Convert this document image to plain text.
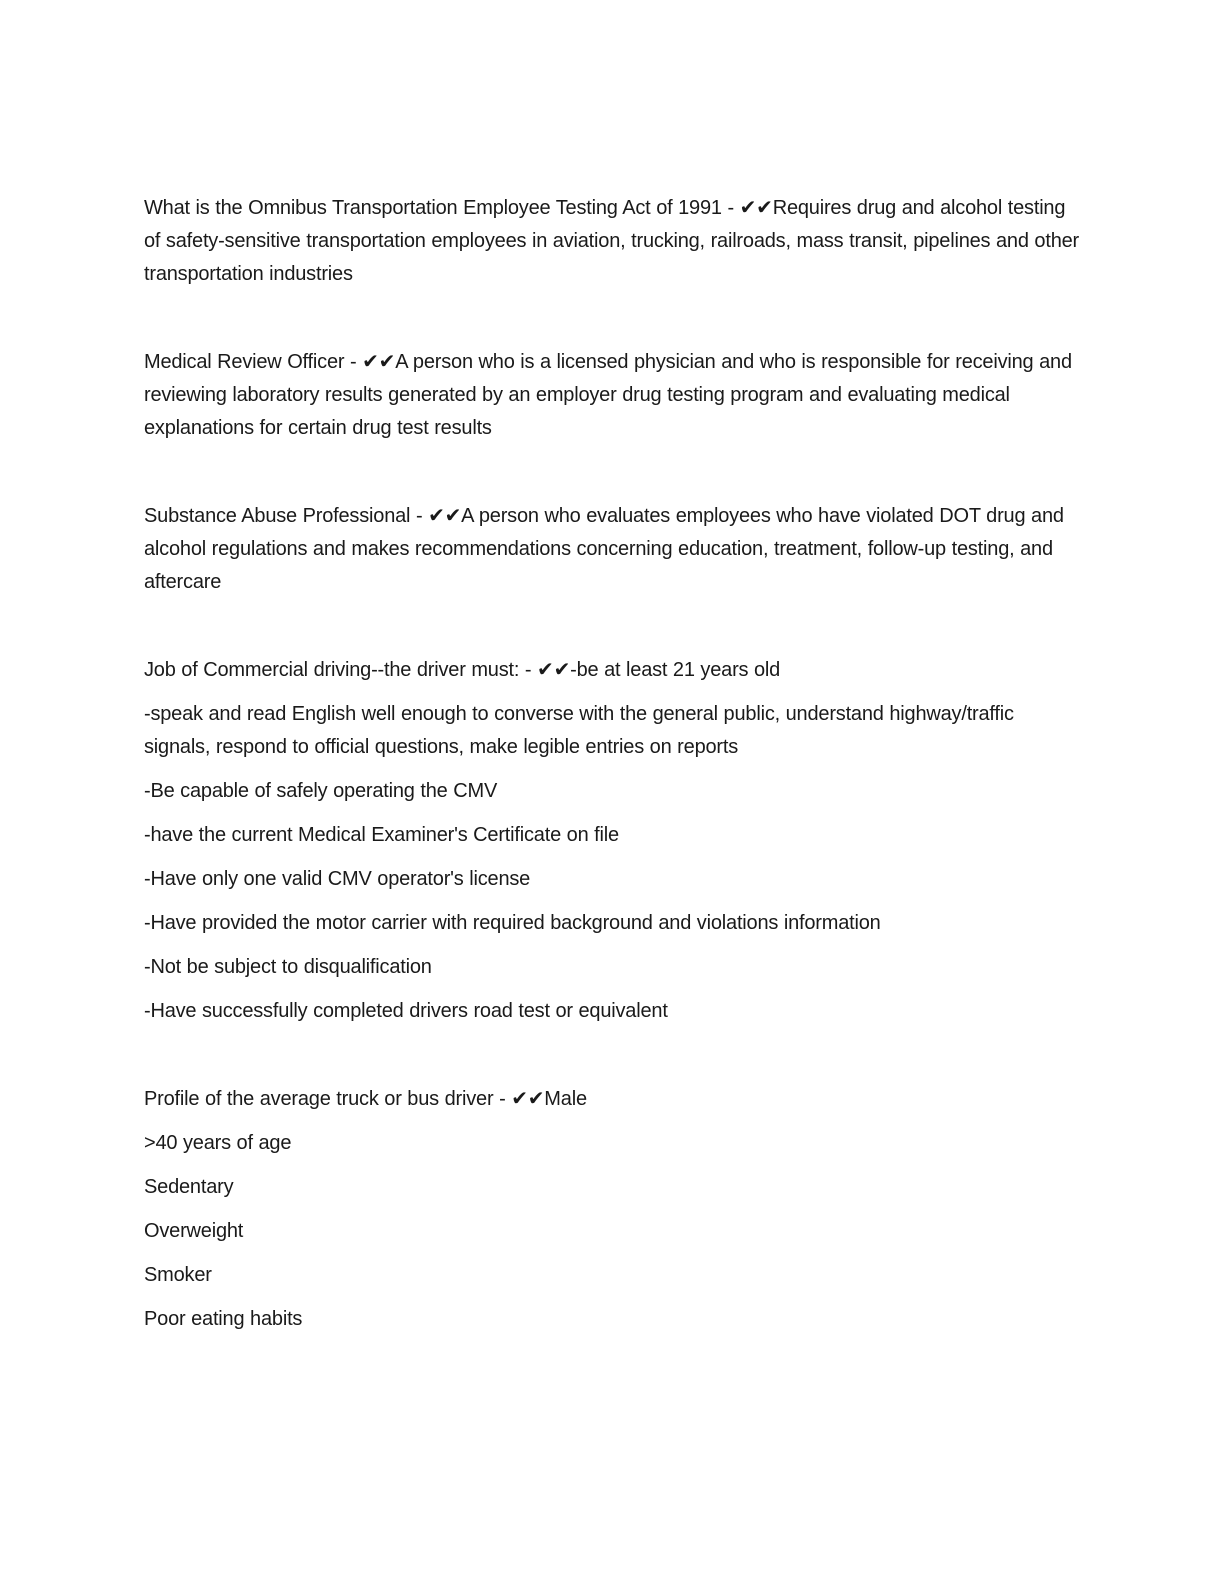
What is the Omnibus Transportation Employee Testing Act of 1991 - ✔✔Requires drug and alcohol testing of safety-sensitive transportation employees in aviation, trucking, railroads, mass transit, pipelines and other transportation industries

Medical Review Officer - ✔✔A person who is a licensed physician and who is responsible for receiving and reviewing laboratory results generated by an employer drug testing program and evaluating medical explanations for certain drug test results

Substance Abuse Professional - ✔✔A person who evaluates employees who have violated DOT drug and alcohol regulations and makes recommendations concerning education, treatment, follow-up testing, and aftercare

Job of Commercial driving--the driver must: - ✔✔-be at least 21 years old

-speak and read English well enough to converse with the general public, understand highway/traffic signals, respond to official questions, make legible entries on reports

-Be capable of safely operating the CMV

-have the current Medical Examiner's Certificate on file

-Have only one valid CMV operator's license

-Have provided the motor carrier with required background and violations information

-Not be subject to disqualification

-Have successfully completed drivers road test or equivalent

Profile of the average truck or bus driver - ✔✔Male

>40 years of age

Sedentary

Overweight

Smoker

Poor eating habits
